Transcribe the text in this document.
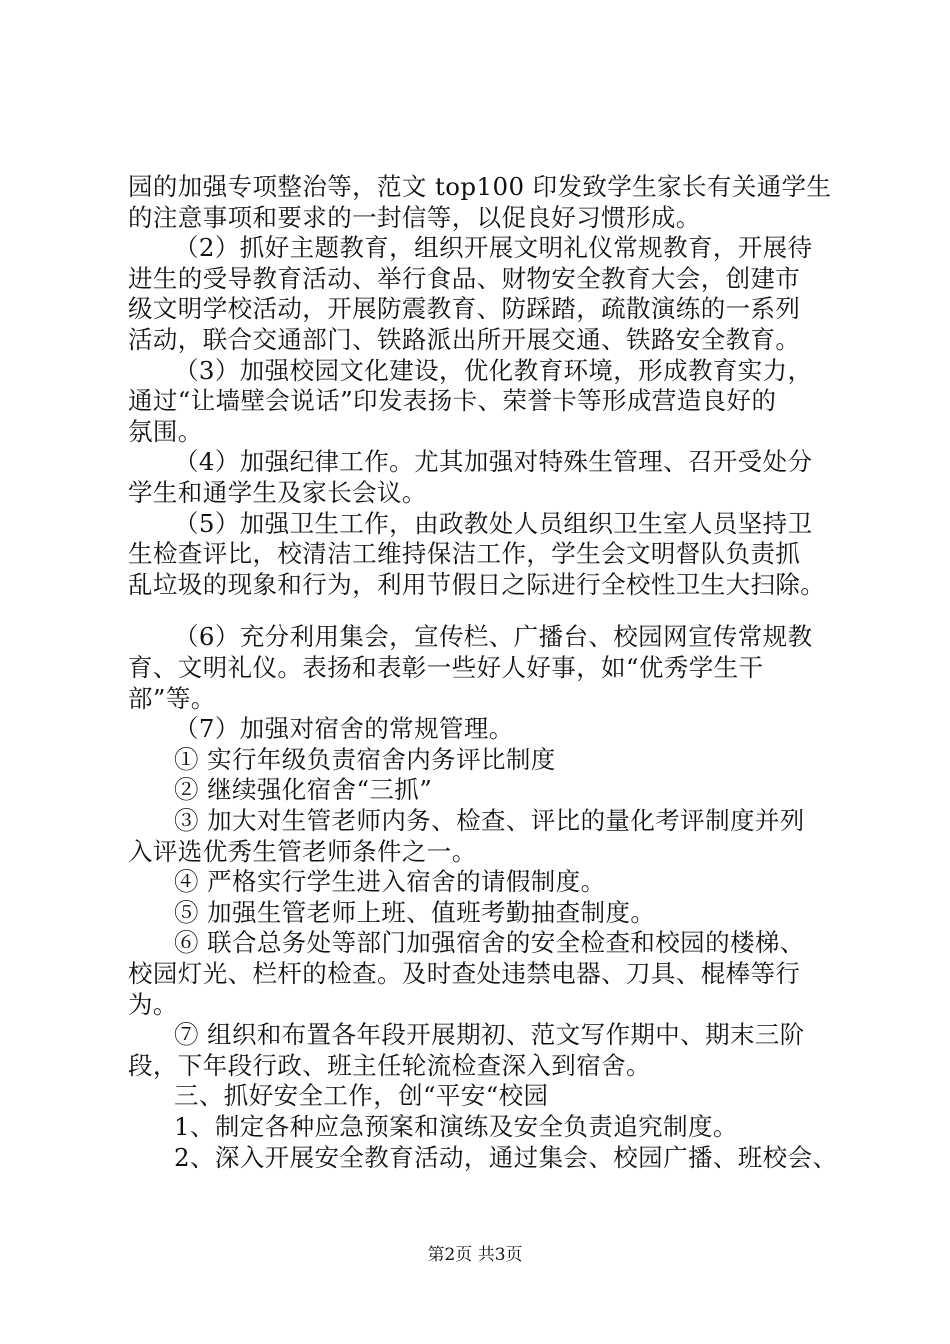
园的加强专项整治等，范文 top100 印发致学生家长有关通学生
的注意事项和要求的一封信等，以促良好习惯形成。
（2）抓好主题教育，组织开展文明礼仪常规教育，开展待
进生的受导教育活动、举行食品、财物安全教育大会，创建市
级文明学校活动，开展防震教育、防踩踏，疏散演练的一系列
活动，联合交通部门、铁路派出所开展交通、铁路安全教育。
（3）加强校园文化建设，优化教育环境，形成教育实力，
通过“让墙壁会说话”印发表扬卡、荣誉卡等形成营造良好的
氛围。
（4）加强纪律工作。尤其加强对特殊生管理、召开受处分
学生和通学生及家长会议。
（5）加强卫生工作，由政教处人员组织卫生室人员坚持卫
生检查评比，校清洁工维持保洁工作，学生会文明督队负责抓
乱垃圾的现象和行为，利用节假日之际进行全校性卫生大扫除。
（6）充分利用集会，宣传栏、广播台、校园网宣传常规教
育、文明礼仪。表扬和表彰一些好人好事，如“优秀学生干
部”等。
（7）加强对宿舍的常规管理。
① 实行年级负责宿舍内务评比制度
② 继续强化宿舍“三抓”
③ 加大对生管老师内务、检查、评比的量化考评制度并列
入评选优秀生管老师条件之一。
④ 严格实行学生进入宿舍的请假制度。
⑤ 加强生管老师上班、值班考勤抽查制度。
⑥ 联合总务处等部门加强宿舍的安全检查和校园的楼梯、
校园灯光、栏杆的检查。及时查处违禁电器、刀具、棍棒等行
为。
⑦ 组织和布置各年段开展期初、范文写作期中、期末三阶
段，下年段行政、班主任轮流检查深入到宿舍。
三、抓好安全工作，创“平安“校园
1、制定各种应急预案和演练及安全负责追究制度。
2、深入开展安全教育活动，通过集会、校园广播、班校会、
第2页 共3页
